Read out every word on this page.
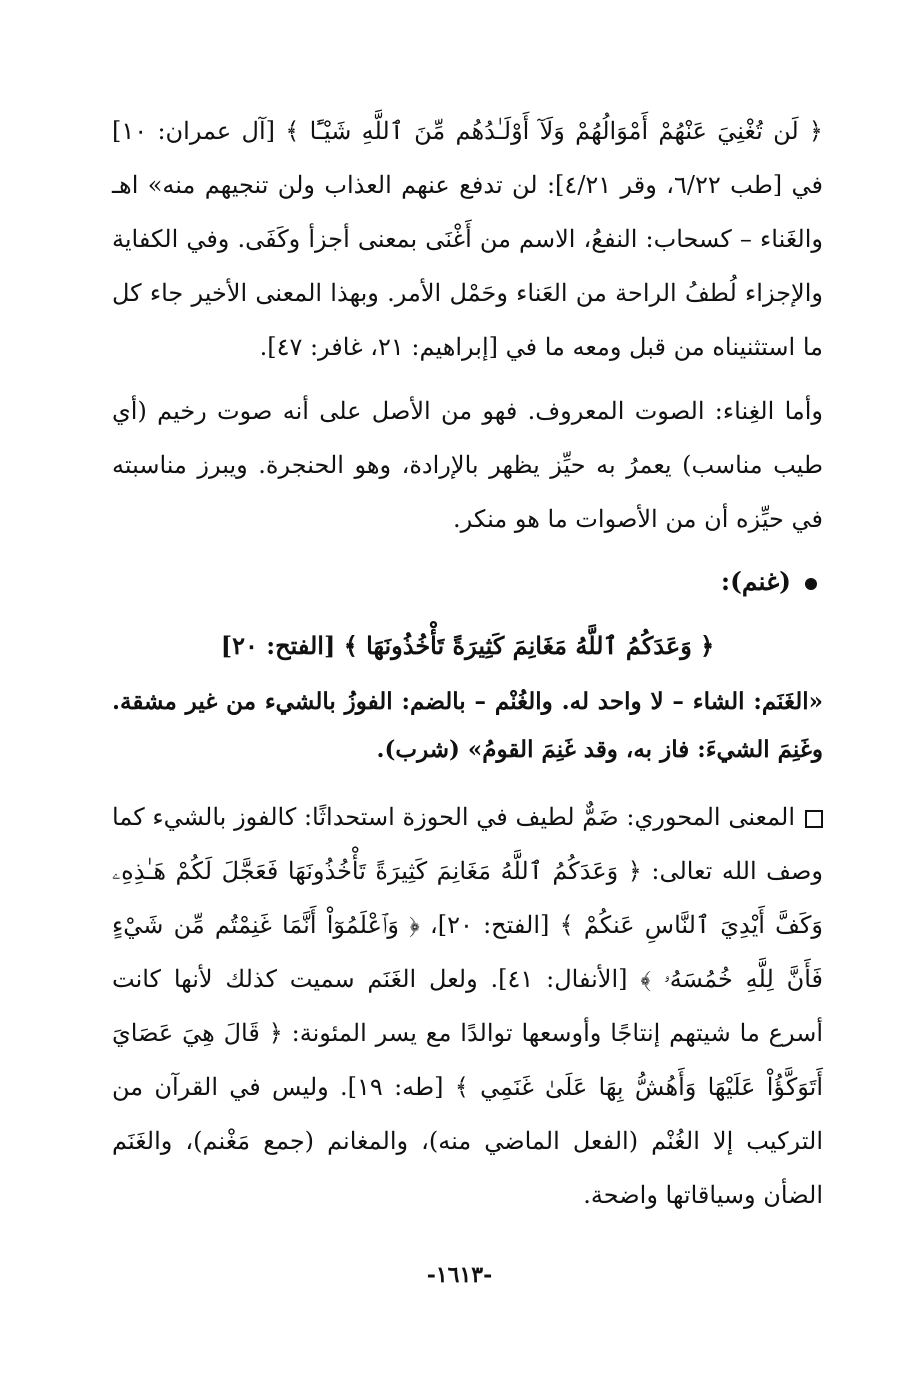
﴿ لَن تُغْنِيَ عَنْهُمْ أَمْوَالُهُمْ وَلَآ أَوْلَـٰدُهُم مِّنَ ٱللَّهِ شَيْـًٔا ﴾ [آل عمران: ١٠] في [طب ٦/٢٢، وقر ٤/٢١]: لن تدفع عنهم العذاب ولن تنجيهم منه» اهـ والغَناء – كسحاب: النفعُ، الاسم من أَغْنَى بمعنى أجزأ وكَفَى. وفي الكفاية والإجزاء لُطفُ الراحة من العَناء وحَمْل الأمر. وبهذا المعنى الأخير جاء كل ما استثنيناه من قبل ومعه ما في [إبراهيم: ٢١، غافر: ٤٧].

وأما الغِناء: الصوت المعروف. فهو من الأصل على أنه صوت رخيم (أي طيب مناسب) يعمرُ به حيِّز يظهر بالإرادة، وهو الحنجرة. ويبرز مناسبته في حيِّزه أن من الأصوات ما هو منكر.

(غنم):
﴿ وَعَدَكُمُ ٱللَّهُ مَغَانِمَ كَثِيرَةً تَأْخُذُونَهَا ﴾ [الفتح: ٢٠]

«الغَنَم: الشاء – لا واحد له. والغُنْم – بالضم: الفوزُ بالشيء من غير مشقة. وغَنِمَ الشيءَ: فاز به، وقد غَنِمَ القومُ» (شرب).

المعنى المحوري: ضَمٌّ لطيف في الحوزة استحداثًا: كالفوز بالشيء كما وصف الله تعالى: ﴿ وَعَدَكُمُ ٱللَّهُ مَغَانِمَ كَثِيرَةً تَأْخُذُونَهَا فَعَجَّلَ لَكُمْ هَـٰذِهِۦ وَكَفَّ أَيْدِيَ ٱلنَّاسِ عَنكُمْ ﴾ [الفتح: ٢٠]، ﴿ وَٱعْلَمُوٓاْ أَنَّمَا غَنِمْتُم مِّن شَيْءٍ فَأَنَّ لِلَّهِ خُمُسَهُۥ ﴾ [الأنفال: ٤١]. ولعل الغَنَم سميت كذلك لأنها كانت أسرع ما شيتهم إنتاجًا وأوسعها توالدًا مع يسر المئونة: ﴿ قَالَ هِيَ عَصَايَ أَتَوَكَّؤُاْ عَلَيْهَا وَأَهُشُّ بِهَا عَلَىٰ غَنَمِي ﴾ [طه: ١٩]. وليس في القرآن من التركيب إلا الغُنْم (الفعل الماضي منه)، والمغانم (جمع مَغْنم)، والغَنَم الضأن وسياقاتها واضحة.

-١٦١٣-
